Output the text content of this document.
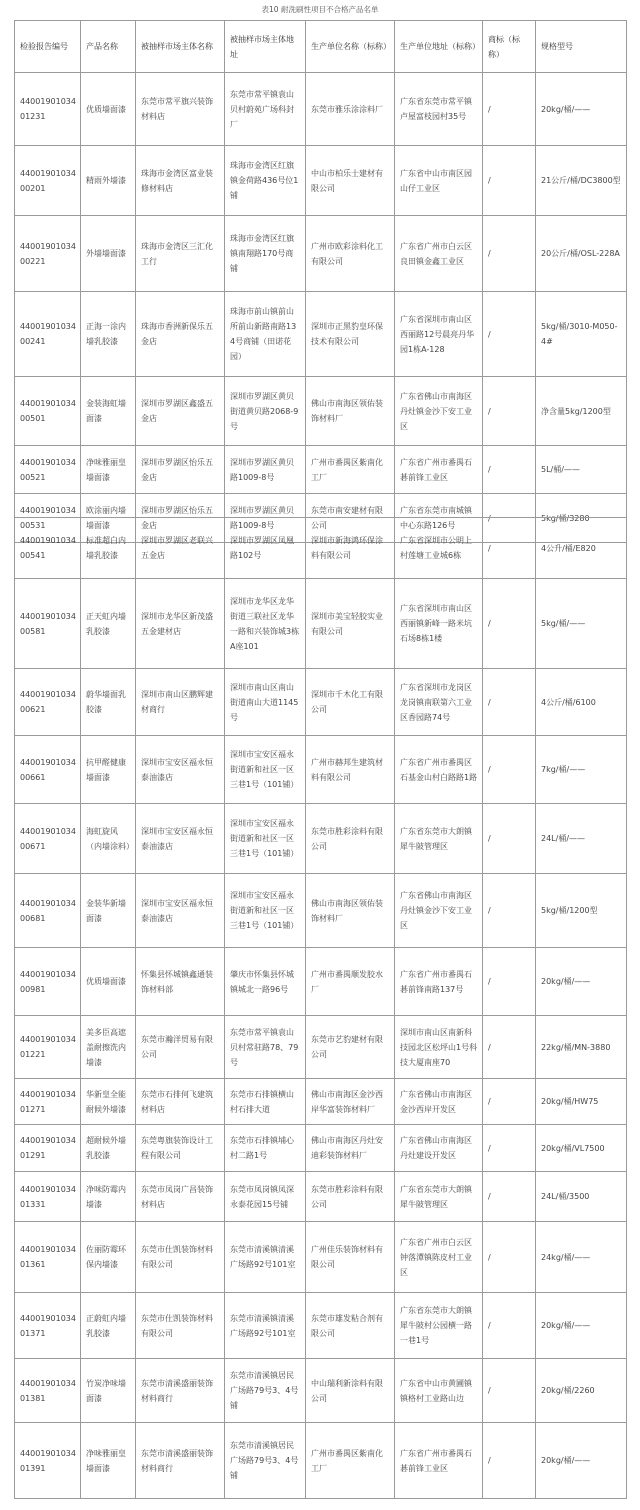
表10 耐洗刷性项目不合格产品名单
检验报告编号	产品名称	被抽样市场主体名称	被抽样市场主体地址	生产单位名称（标称）	生产单位地址（标称）	商标（标称）	规格型号
4400190103401231	优质墙面漆	东莞市常平旗兴装饰材料店	东莞市常平镇袁山贝村蔚苑广场科封厂	东莞市雅乐涂涂料厂	广东省东莞市常平镇卢屋富枝园村35号	/	20kg/桶/——
4400190103400201	精雨外墙漆	珠海市金湾区富业装修材料店	珠海市金湾区红旗镇金荷路436号位1铺	中山市柏乐士建材有限公司	广东省中山市南区园山仔工业区	/	21公斤/桶/DC3800型
4400190103400221	外墙墙面漆	珠海市金湾区三汇化工行	珠海市金湾区红旗镇南翔路170号商铺	广州市欧彩涂料化工有限公司	广东省广州市白云区良田镇金鑫工业区	/	20公斤/桶/OSL-228A
4400190103400241	正海一涂内墙乳胶漆	珠海市香洲新保乐五金店	珠海市前山镇前山所前山新路南路134号商铺（田诺花园）	深圳市正黑豹皇环保技术有限公司	广东省深圳市南山区西丽路12号晨亮丹华园1栋A-128	/	5kg/桶/3010-M050-4#
4400190103400501	金装海虹墙面漆	深圳市罗湖区鑫盛五金店	深圳市罗湖区黄贝街道黄贝路2068-9号	佛山市南海区领佑装饰材料厂	广东省佛山市南海区丹灶镇金沙下安工业区	/	净含量5kg/1200型
4400190103400521	净味雅丽皇墙面漆	深圳市罗湖区怡乐五金店	深圳市罗湖区黄贝路1009-8号	广州市番禺区紫南化工厂	广东省广州市番禺石碁前锋工业区	/	5L/桶/——
4400190103400531	欧涂丽内墙墙面漆	深圳市罗湖区怡乐五金店	深圳市罗湖区黄贝路1009-8号	东莞市南安建材有限公司	广东省东莞市南城镇中心东路126号	/	5kg/桶/3280
4400190103400541	标准超白内墙乳胶漆	深圳市罗湖区老联兴五金店	深圳市罗湖区凤凰路102号	深圳市新海鸿环保涂料有限公司	广东省深圳市公明上村莲塘工业城6栋	/	4公升/桶/E820
4400190103400581	正天虹内墙乳胶漆	深圳市龙华区新茂盛五金建材店	深圳市龙华区龙华街道三联社区龙华一路和兴装饰城3栋A座101	深圳市美宝轻胶实业有限公司	广东省深圳市南山区西丽镇新峰一路米坑石场8栋1楼	/	5kg/桶/——
4400190103400621	蔚华墙面乳胶漆	深圳市南山区鹏辉建材商行	深圳市南山区南山街道南山大道1145号	深圳市千木化工有限公司	广东省深圳市龙岗区龙岗镇南联第六工业区香园路74号	/	4公斤/桶/6100
4400190103400661	抗甲醛健康墙面漆	深圳市宝安区福永恒泰油漆店	深圳市宝安区福永街道新和社区一区三巷1号（101铺）	广州市赫邦生建筑材料有限公司	广东省广州市番禺区石基金山村白路路1路	/	7kg/桶/——
4400190103400671	海虹旋风（内墙涂料）	深圳市宝安区福永恒泰油漆店	深圳市宝安区福永街道新和社区一区三巷1号（101铺）	东莞市胜彩涂料有限公司	广东省东莞市大朗镇犀牛陂管理区	/	24L/桶/——
4400190103400681	金装华新墙面漆	深圳市宝安区福永恒泰油漆店	深圳市宝安区福永街道新和社区一区三巷1号（101铺）	佛山市南海区领佑装饰材料厂	广东省佛山市南海区丹灶镇金沙下安工业区	/	5kg/桶/1200型
4400190103400981	优质墙面漆	怀集县怀城镇鑫通装饰材料部	肇庆市怀集县怀城镇城北一路96号	广州市番禺顺发胶水厂	广东省广州市番禺石碁前锋南路137号	/	20kg/桶/——
4400190103401221	美多臣高遮盖耐擦洗内墙漆	东莞市瀚洋贸易有限公司	东莞市常平镇袁山贝村常驻路78、79号	东莞市艺豹建材有限公司	深圳市南山区南新科技园北区松坪山1号科技大厦南座70	/	22kg/桶/MN-3880
4400190103401271	华新皇全能耐候外墙漆	东莞市石排何飞建筑材料店	东莞市石排镇横山村石排大道	佛山市南海区金沙西岸华富装饰材料厂	广东省佛山市南海区金沙西岸开发区	/	20kg/桶/HW75
4400190103401291	超耐候外墙乳胶漆	东莞粤旗装饰设计工程有限公司	东莞市石排镇埔心村二路1号	佛山市南海区丹灶安迪彩装饰材料厂	广东省佛山市南海区丹灶建设开发区	/	20kg/桶/VL7500
4400190103401331	净味防霉内墙漆	东莞市凤岗广昌装饰材料店	东莞市凤岗镇凤深永泰花园15号铺	东莞市胜彩涂料有限公司	广东省东莞市大朗镇犀牛陂管理区	/	24L/桶/3500
4400190103401361	佐丽防霉环保内墙漆	东莞市仕凯装饰材料有限公司	东莞市清溪镇清溪广场路92号101室	广州佳乐装饰材料有限公司	广东省广州市白云区钟落潭镇陈皮村工业区	/	24kg/桶/——
4400190103401371	正蔚虹内墙乳胶漆	东莞市仕凯装饰材料有限公司	东莞市清溪镇清溪广场路92号101室	东莞市雄发粘合剂有限公司	广东省东莞市大朗镇犀牛陂村公园横一路一巷1号	/	20kg/桶/——
4400190103401381	竹炭净味墙面漆	东莞市清溪盛丽装饰材料商行	东莞市清溪镇居民广场路79号3、4号铺	中山瑞利新涂料有限公司	广东省中山市黄圃镇镇格村工业路山边	/	20kg/桶/2260
4400190103401391	净味雅丽皇墙面漆	东莞市清溪盛丽装饰材料商行	东莞市清溪镇居民广场路79号3、4号铺	广州市番禺区紫南化工厂	广东省广州市番禺石碁前锋工业区	/	20kg/桶/——
